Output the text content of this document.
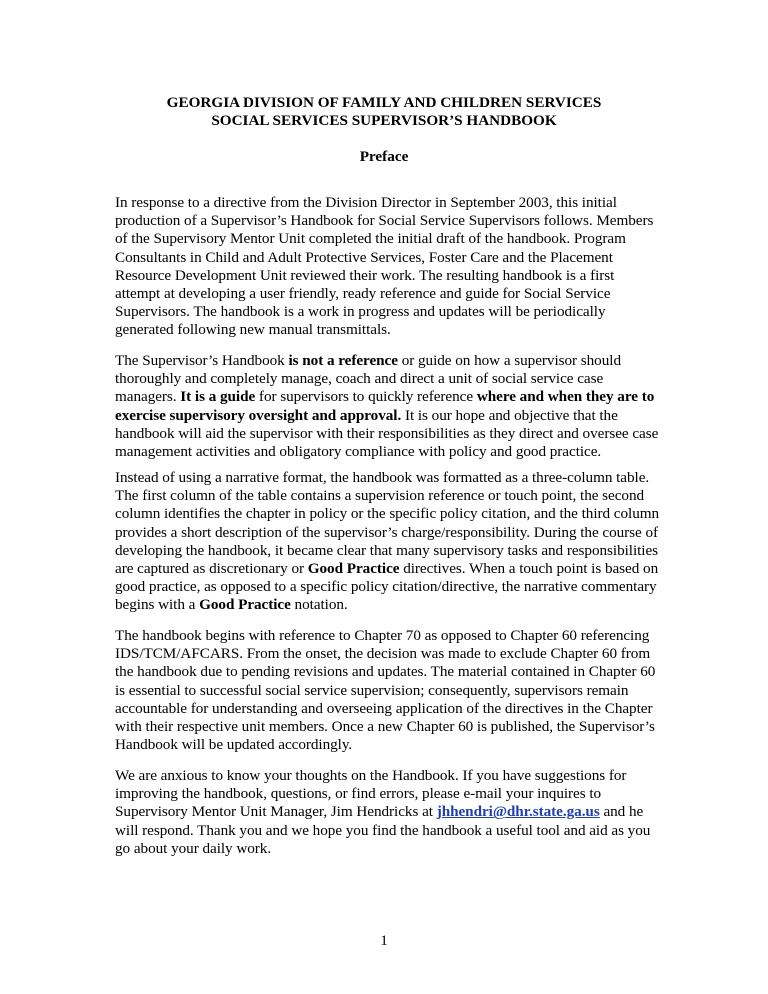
GEORGIA DIVISION OF FAMILY AND CHILDREN SERVICES

SOCIAL SERVICES SUPERVISOR’S HANDBOOK

Preface

In response to a directive from the Division Director in September 2003, this initial production of a Supervisor’s Handbook for Social Service Supervisors follows. Members of the Supervisory Mentor Unit completed the initial draft of the handbook. Program Consultants in Child and Adult Protective Services, Foster Care and the Placement Resource Development Unit reviewed their work. The resulting handbook is a first attempt at developing a user friendly, ready reference and guide for Social Service Supervisors. The handbook is a work in progress and updates will be periodically generated following new manual transmittals.

The Supervisor’s Handbook is not a reference or guide on how a supervisor should thoroughly and completely manage, coach and direct a unit of social service case managers. It is a guide for supervisors to quickly reference where and when they are to exercise supervisory oversight and approval. It is our hope and objective that the handbook will aid the supervisor with their responsibilities as they direct and oversee case management activities and obligatory compliance with policy and good practice.

Instead of using a narrative format, the handbook was formatted as a three-column table. The first column of the table contains a supervision reference or touch point, the second column identifies the chapter in policy or the specific policy citation, and the third column provides a short description of the supervisor’s charge/responsibility. During the course of developing the handbook, it became clear that many supervisory tasks and responsibilities are captured as discretionary or Good Practice directives. When a touch point is based on good practice, as opposed to a specific policy citation/directive, the narrative commentary begins with a Good Practice notation.

The handbook begins with reference to Chapter 70 as opposed to Chapter 60 referencing IDS/TCM/AFCARS. From the onset, the decision was made to exclude Chapter 60 from the handbook due to pending revisions and updates. The material contained in Chapter 60 is essential to successful social service supervision; consequently, supervisors remain accountable for understanding and overseeing application of the directives in the Chapter with their respective unit members. Once a new Chapter 60 is published, the Supervisor’s Handbook will be updated accordingly.

We are anxious to know your thoughts on the Handbook. If you have suggestions for improving the handbook, questions, or find errors, please e-mail your inquires to Supervisory Mentor Unit Manager, Jim Hendricks at jhhendri@dhr.state.ga.us and he will respond. Thank you and we hope you find the handbook a useful tool and aid as you go about your daily work.

1
